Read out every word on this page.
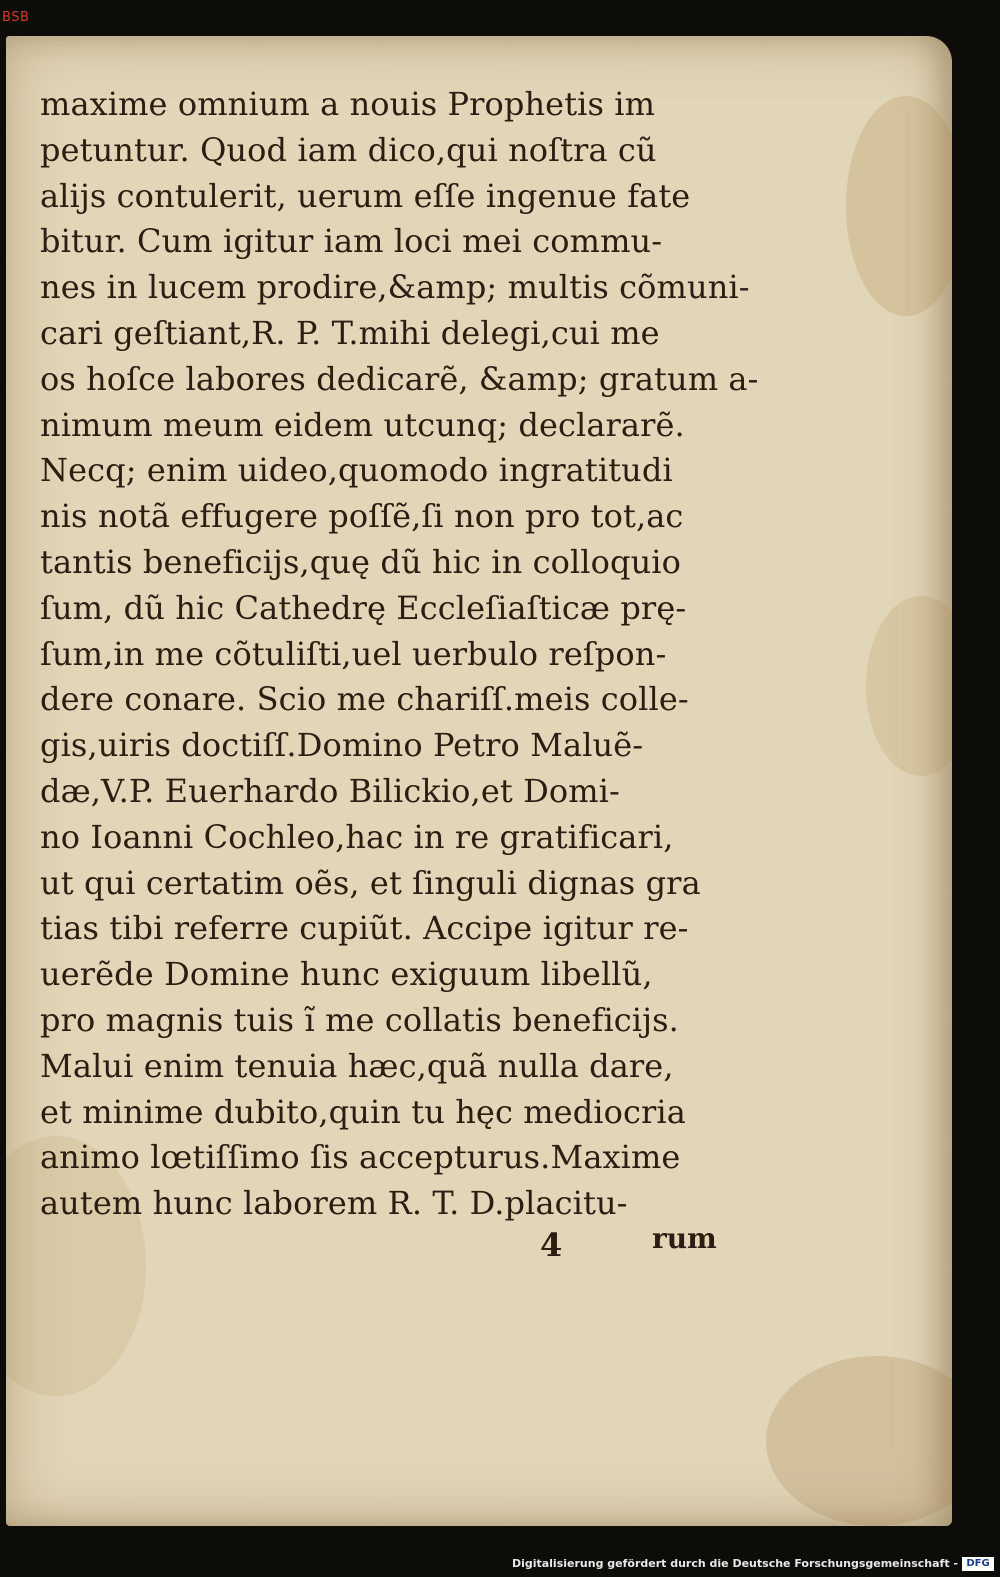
BSB
maxime omnium a nouis Prophetis im
petuntur. Quod iam dico,qui noſtra cũ
aliјs contulerit, uerum eſſe ingenue fate
bitur. Cum igitur iam loci mei commu-
nes in lucem prodire,&amp; multis cõmuni-
cari geſtiant,R. P. T.mihi delegi,cui me
os hoſce labores dedicarẽ, &amp; gratum a-
nimum meum eidem utcunq; declararẽ.
Necq; enim uideo,quomodo ingratitudi
nis notã effugere poſſẽ,ſi non pro tot,ac
tantis beneficijs,quę dũ hic in colloquio
ſum, dũ hic Cathedrę Eccleſiaſticæ prę-
ſum,in me cõtuliſti,uel uerbulo reſpon-
dere conare. Scio me chariſſ.meis colle-
gis,uiris doctiſſ.Domino Petro Maluẽ-
dæ,V.P. Euerhardo Bilickio,et Domi-
no Ioanni Cochleo,hac in re gratificari,
ut qui certatim oẽs, et ſinguli dignas gra
tias tibi referre cupiũt. Accipe igitur re-
uerẽde Domine hunc exiguum libellũ,
pro magnis tuis ĩ me collatis beneficijs.
Malui enim tenuia hæc,quã nulla dare,
et minime dubito,quin tu hęc mediocria
animo lœtiſſimo ſis accepturus.Maxime
autem hunc laborem R. T. D.placitu-
4	rum
Digitalisierung gefördert durch die Deutsche Forschungsgemeinschaft - DFG
